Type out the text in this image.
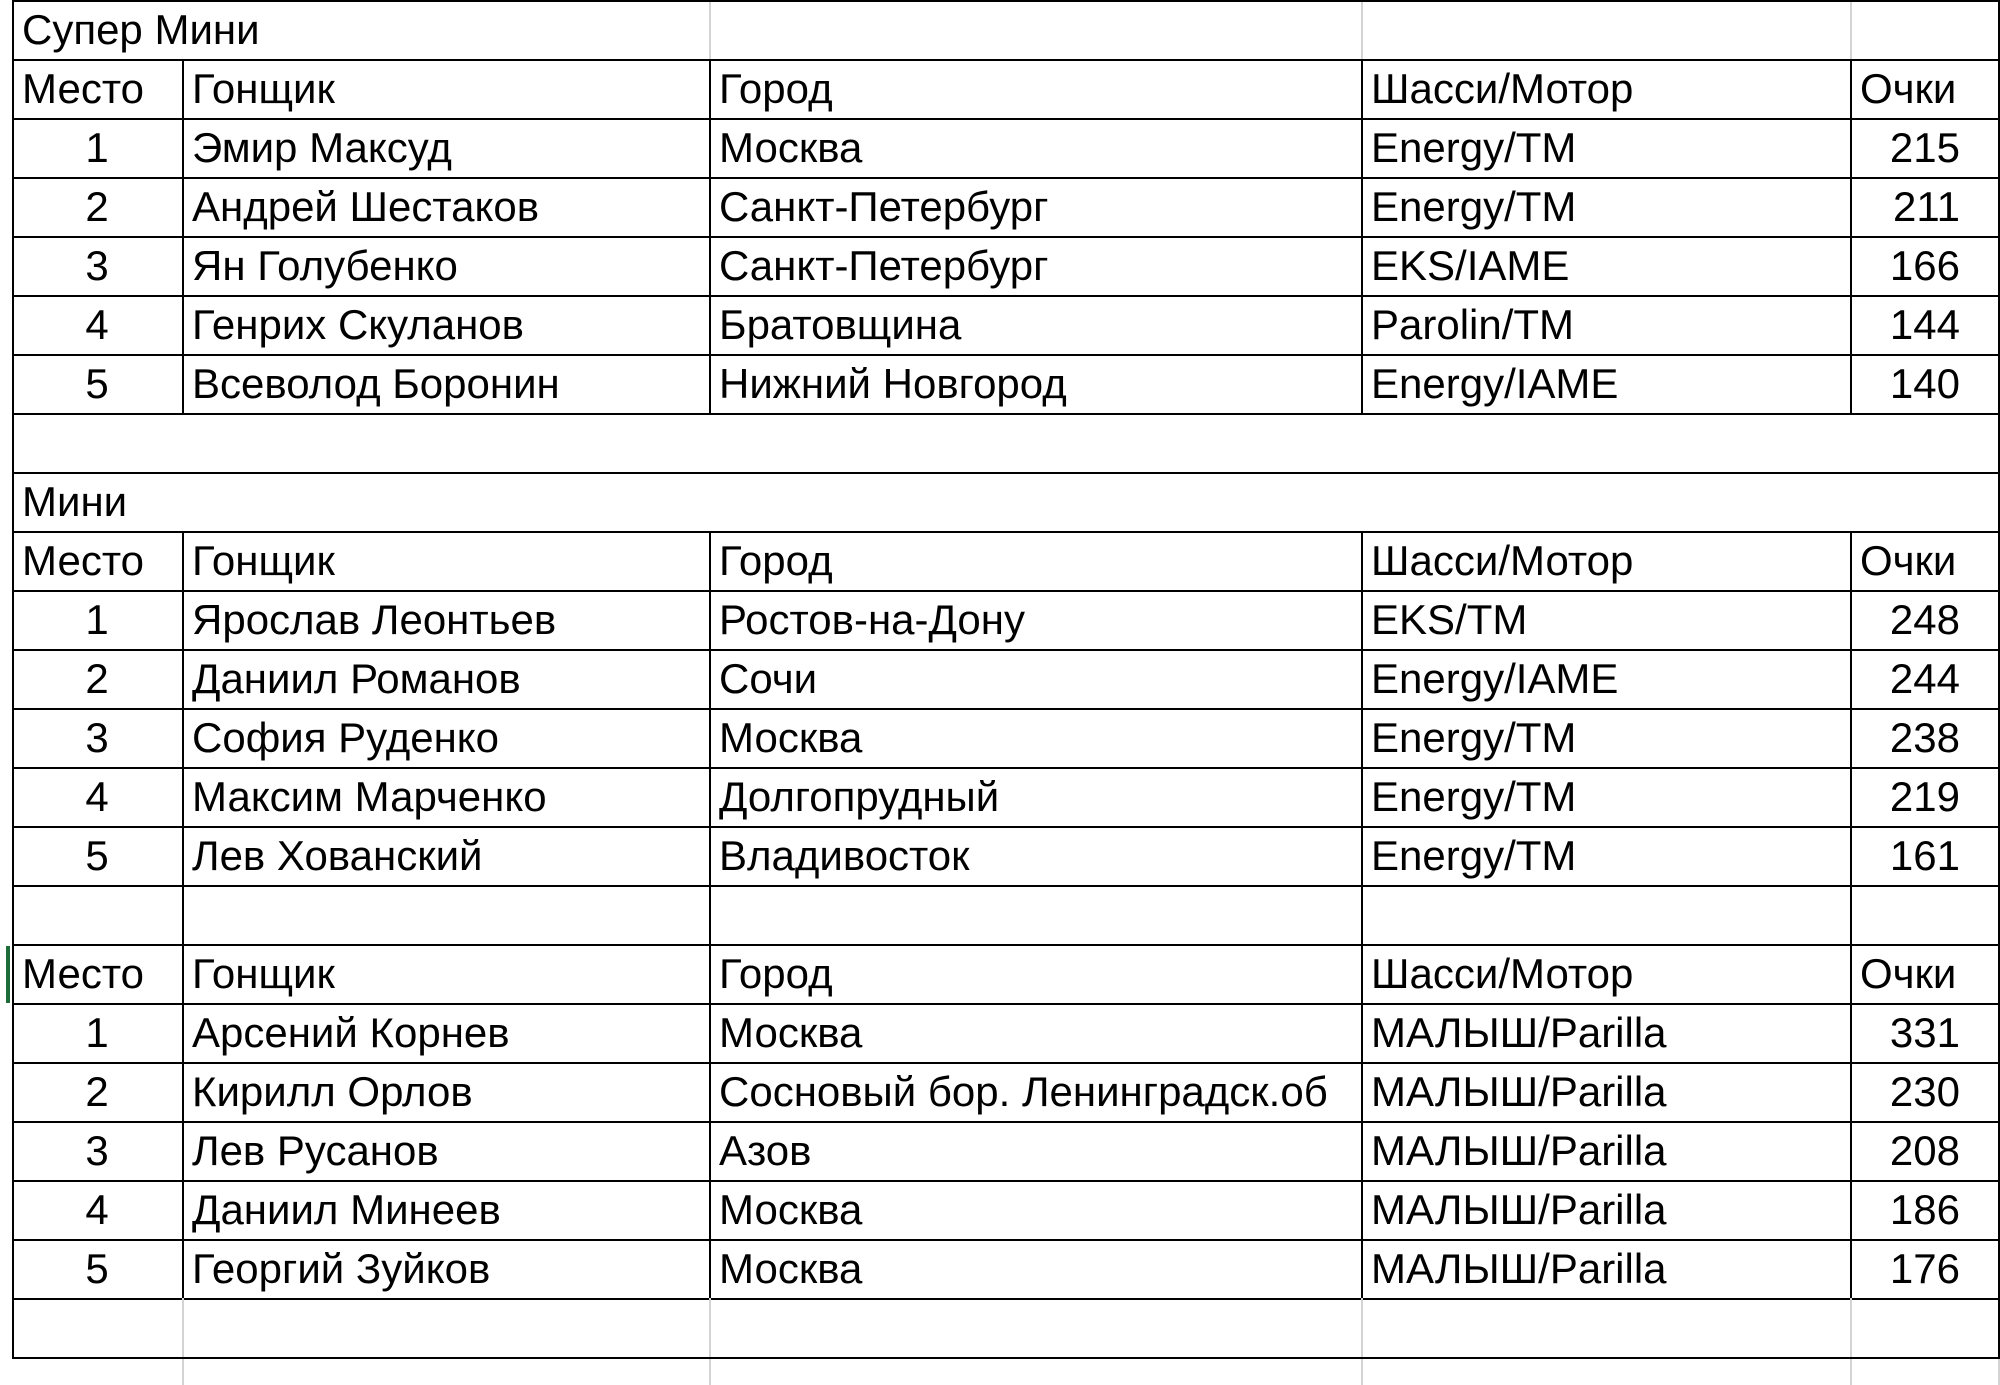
Супер Мини
Место	Гонщик	Город	Шасси/Мотор	Очки
1	Эмир Максуд	Москва	Energy/TM	215
2	Андрей Шестаков	Санкт-Петербург	Energy/TM	211
3	Ян Голубенко	Санкт-Петербург	EKS/IAME	166
4	Генрих Скуланов	Братовщина	Parolin/TM	144
5	Всеволод Боронин	Нижний Новгород	Energy/IAME	140
Мини
Место	Гонщик	Город	Шасси/Мотор	Очки
1	Ярослав Леонтьев	Ростов-на-Дону	EKS/TM	248
2	Даниил Романов	Сочи	Energy/IAME	244
3	София Руденко	Москва	Energy/TM	238
4	Максим Марченко	Долгопрудный	Energy/TM	219
5	Лев Хованский	Владивосток	Energy/TM	161
Место	Гонщик	Город	Шасси/Мотор	Очки
1	Арсений Корнев	Москва	МАЛЫШ/Parilla	331
2	Кирилл Орлов	Сосновый бор. Ленинградск.об	МАЛЫШ/Parilla	230
3	Лев Русанов	Азов	МАЛЫШ/Parilla	208
4	Даниил Минеев	Москва	МАЛЫШ/Parilla	186
5	Георгий Зуйков	Москва	МАЛЫШ/Parilla	176
